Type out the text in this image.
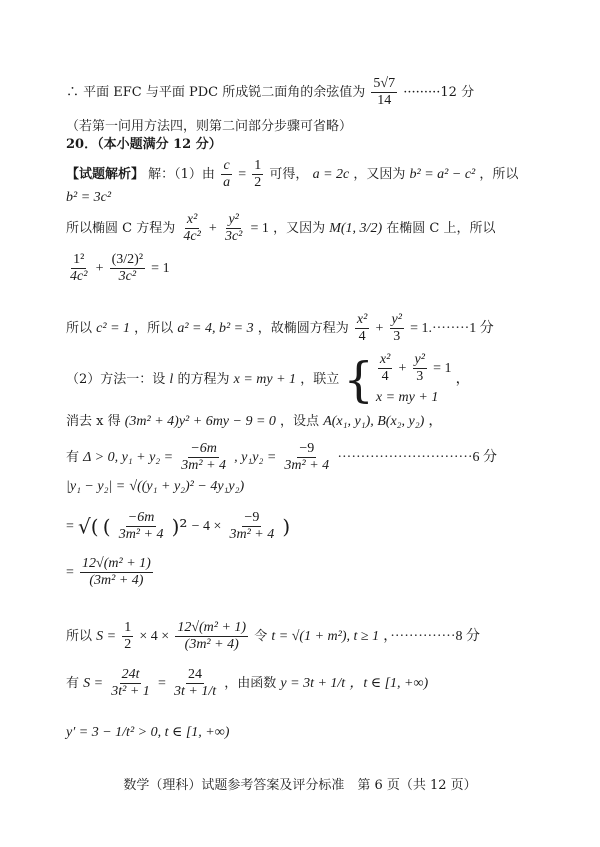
∴ 平面 EFC 与平面 PDC 所成锐二面角的余弦值为 $\frac{5√7}{14} \cdot\cdot\cdot\cdot\cdot\cdot\cdot\cdot\cdot 12$ 分
（若第一问用方法四，则第二问部分步骤可省略）
20．（本小题满分 12 分）
【试题解析】 解：（1）由 $\frac{c}{a} = \frac{1}{2}$ 可得， a = 2c ，又因为 b² = a² − c² ，所以
b² = 3c²
所以椭圆 C 方程为 $\frac{\text{x²}}{\text{4c²}} + \frac{\text{y²}}{\text{3c²}} = 1$ ，又因为 M(1, 3/2) 在椭圆 C 上，所以
$\frac{\text{1²}}{\text{4c²}} + \frac{\text{(3/2)²}}{\text{3c²}} = 1$
所以 c² = 1 ，所以 a² = 4, b² = 3 ，故椭圆方程为 $\frac{\text{x²}}{4} + \frac{\text{y²}}{3} = 1.\cdot\cdot\cdot\cdot\cdot\cdot\cdot\cdot 1$ 分
（2）方法一：设 l 的方程为 x = my + 1 ，联立 { $\frac{\text{x²}}{4} + \frac{\text{y²}}{3} = 1$
x = my + 1
，
消去 x 得 (3m² + 4)y² + 6my − 9 = 0 ，设点 A(x₁, y₁), B(x₂, y₂) ，
有 Δ > 0, $y_1 + y_2 = \frac{-6m}{\text{3m² + 4}}$ , $y_1y_2 = \frac{-9}{\text{3m² + 4}} \cdot\cdot\cdot\cdot\cdot\cdot\cdot\cdot\cdot\cdot\cdot\cdot\cdot\cdot\cdot\cdot\cdot\cdot\cdot\cdot\cdot\cdot\cdot\cdot\cdot\cdot\cdot\cdot\cdot 6$ 分
|y₁ − y₂| = √((y₁ + y₂)² − 4y₁y₂)
= √( ( $\frac{-6m}{\text{3m² + 4}} )^2 - 4 \times \frac{-9}{\text{3m² + 4}}$ )
= $\frac{\text{12√(m² + 1)}}{\text{(3m² + 4)}}$
所以 $S = \frac{1}{2} \times 4 \times \frac{\text{12√(m² + 1)}}{\text{(3m² + 4)}}$ 令 t = √(1 + m²), t ≥ 1 ，··············8 分
有 $S = \frac{24t}{\text{3t² + 1}} = \frac{24}{3t + 1/t}$ ，由函数 y = 3t + 1/t ，t ∈ [1, +∞)
y′ = 3 − 1/t² > 0, t ∈ [1, +∞)
数学（理科）试题参考答案及评分标准　第 6 页（共 12 页）
